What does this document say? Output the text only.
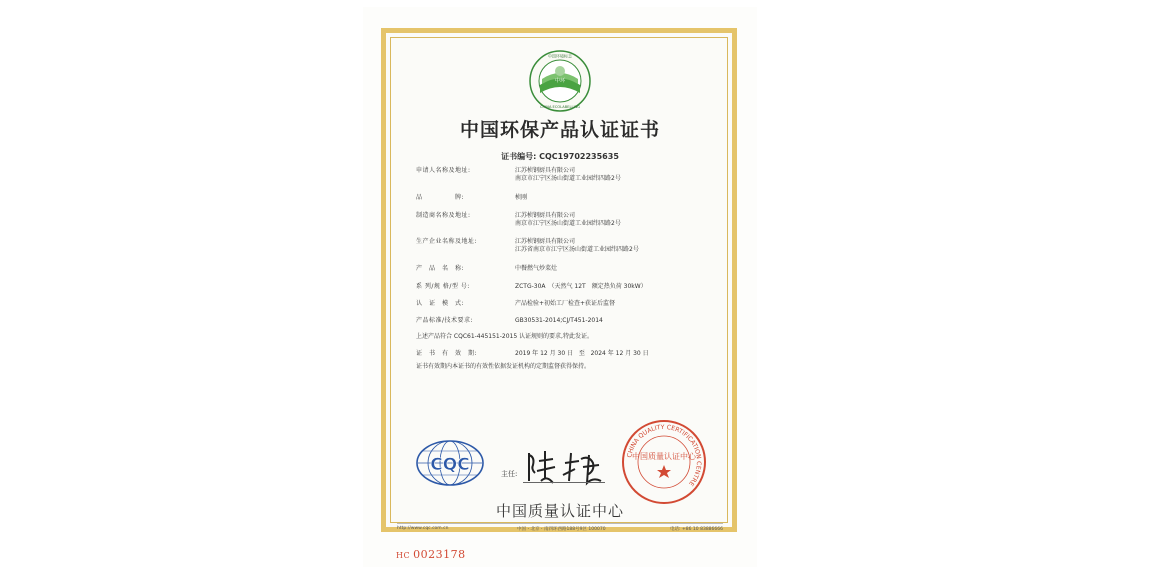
中环
中国环境标志
CHINA ECOLABELLING
中国环保产品认证证书
证书编号: CQC19702235635
申请人名称及地址:	江苏桢钢厨具有限公司
南京市江宁区汤山街道工业园纬四路2号
品　　　　　牌:	桢刚
制造商名称及地址:	江苏桢钢厨具有限公司
南京市江宁区汤山街道工业园纬四路2号
生产企业名称及地址:	江苏桢钢厨具有限公司
江苏省南京市江宁区汤山街道工业园纬四路2号
产　品　名　称:	中餐燃气炒菜灶
系 列/规 格/型 号:	ZCTG-30A　（天然气 12T　额定热负荷 30kW）
认　证　模　式:	产品检验+初始工厂检查+获证后监督
产品标准/技术要求:	GB30531-2014;CJ/T451-2014
上述产品符合 CQC61-445151-2015 认证规则的要求,特此发证。
证　书　有　效　期:	2019 年 12 月 30 日 至 2024 年 12 月 30 日
证书有效期内本证书的有效性依据发证机构的定期监督获得保持。
CQC	主任:
CHINA QUALITY CERTIFICATION CENTRE
中国质量认证中心
中国质量认证中心
http://www.cqc.com.cn	中国・北京・南四环西路188号9区 100070	电话: +86 10 83886666
HC 0023178
